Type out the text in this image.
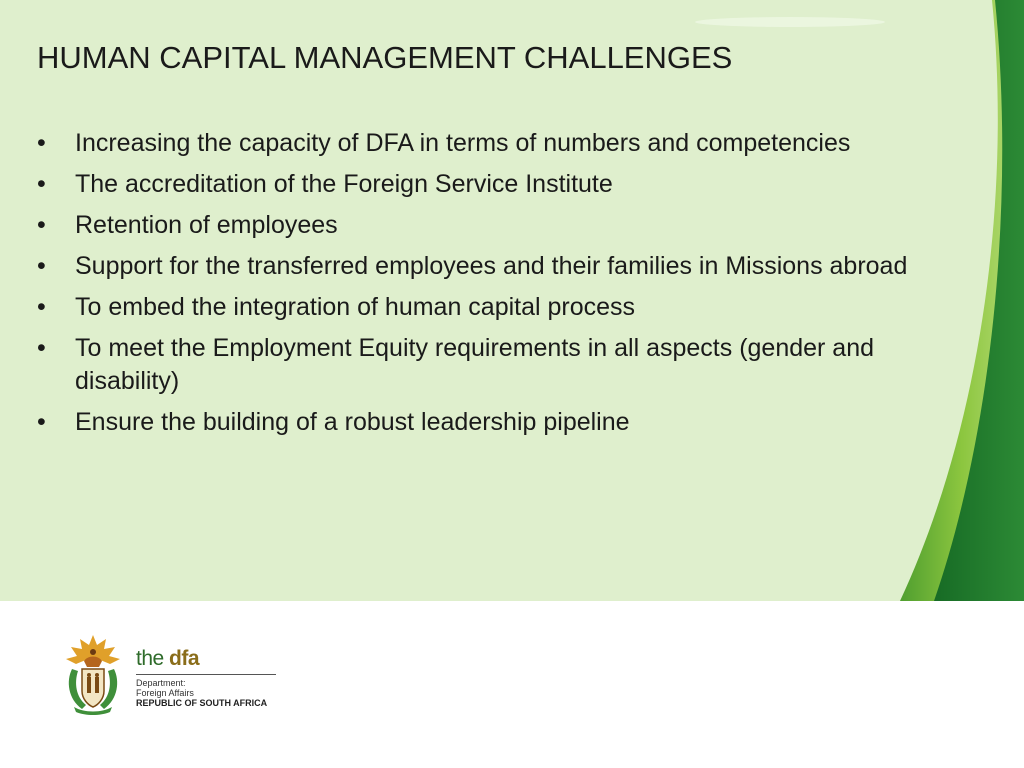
HUMAN CAPITAL MANAGEMENT CHALLENGES
• Increasing the capacity of DFA in terms of numbers and competencies
• The accreditation of the Foreign Service Institute
• Retention of employees
• Support for the transferred employees and their families in Missions abroad
• To embed the integration of human capital process
• To meet the Employment Equity requirements in all aspects (gender and disability)
• Ensure the building of a robust leadership pipeline
the dfa
Department:
Foreign Affairs
REPUBLIC OF SOUTH AFRICA
